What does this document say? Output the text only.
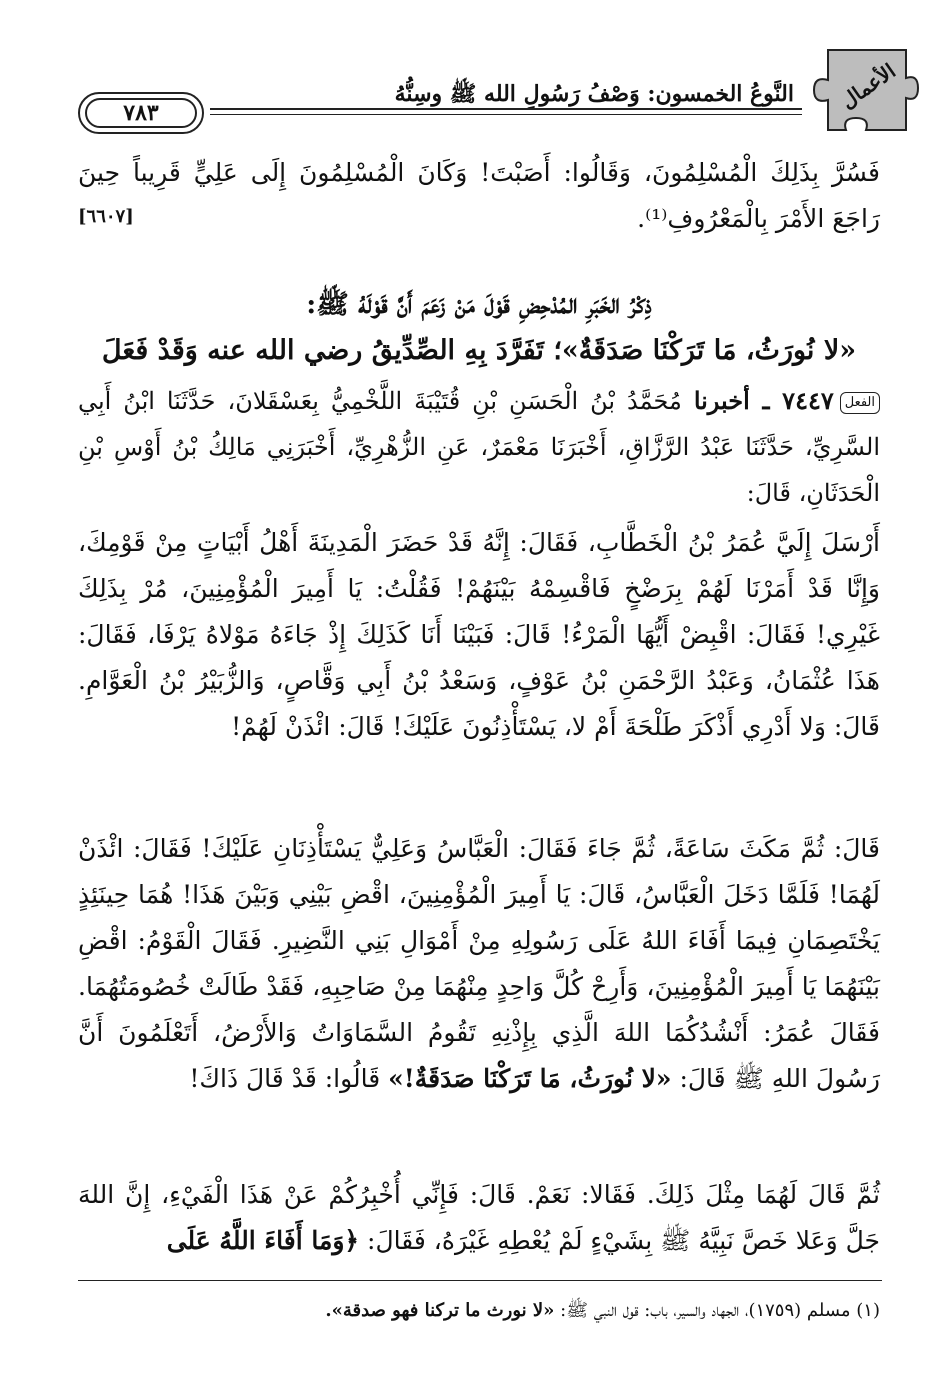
الأعمال
النَّوعُ الخمسون: وَصْفُ رَسُولِ الله ﷺ وسِنُّهُ
٧٨٣
فَسُرَّ بِذَلِكَ الْمُسْلِمُونَ، وَقَالُوا: أَصَبْتَ! وَكَانَ الْمُسْلِمُونَ إِلَى عَلِيٍّ قَرِيباً حِينَ رَاجَعَ الأَمْرَ بِالْمَعْرُوفِ⁽¹⁾.
[٦٦٠٧]
ذِكْرُ الخَبَرِ المُدْحِضِ قَوْلَ مَنْ زَعَمَ أَنَّ قَوْلَهُ ﷺ:
«لا نُورَثُ، مَا تَرَكْنَا صَدَقَةٌ»؛ تَفَرَّدَ بِهِ الصِّدِّيقُ رضي الله عنه وَقَدْ فَعَلَ
الفعل٧٤٤٧ ـ أخبرنا مُحَمَّدُ بْنُ الْحَسَنِ بْنِ قُتَيْبَةَ اللَّخْمِيُّ بِعَسْقَلانَ، حَدَّثَنَا ابْنُ أَبِي السَّرِيِّ، حَدَّثَنَا عَبْدُ الرَّزَّاقِ، أَخْبَرَنَا مَعْمَرٌ، عَنِ الزُّهْرِيِّ، أَخْبَرَنِي مَالِكُ بْنُ أَوْسِ بْنِ الْحَدَثَانِ، قَالَ:
أَرْسَلَ إِلَيَّ عُمَرُ بْنُ الْخَطَّابِ، فَقَالَ: إِنَّهُ قَدْ حَضَرَ الْمَدِينَةَ أَهْلُ أَبْيَاتٍ مِنْ قَوْمِكَ، وَإِنَّا قَدْ أَمَرْنَا لَهُمْ بِرَضْخٍ فَاقْسِمْهُ بَيْنَهُمْ! فَقُلْتُ: يَا أَمِيرَ الْمُؤْمِنِينَ، مُرْ بِذَلِكَ غَيْرِي! فَقَالَ: اقْبِضْ أَيُّهَا الْمَرْءُ! قَالَ: فَبَيْنَا أَنَا كَذَلِكَ إِذْ جَاءَهُ مَوْلاهُ يَرْفَا، فَقَالَ: هَذَا عُثْمَانُ، وَعَبْدُ الرَّحْمَنِ بْنُ عَوْفٍ، وَسَعْدُ بْنُ أَبِي وَقَّاصٍ، وَالزُّبَيْرُ بْنُ الْعَوَّامِ. قَالَ: وَلا أَدْرِي أَذْكَرَ طَلْحَةَ أَمْ لا، يَسْتَأْذِنُونَ عَلَيْكَ! قَالَ: ائْذَنْ لَهُمْ!
قَالَ: ثُمَّ مَكَثَ سَاعَةً، ثُمَّ جَاءَ فَقَالَ: الْعَبَّاسُ وَعَلِيٌّ يَسْتَأْذِنَانِ عَلَيْكَ! فَقَالَ: ائْذَنْ لَهُمَا! فَلَمَّا دَخَلَ الْعَبَّاسُ، قَالَ: يَا أَمِيرَ الْمُؤْمِنِينَ، اقْضِ بَيْنِي وَبَيْنَ هَذَا! هُمَا حِينَئِذٍ يَخْتَصِمَانِ فِيمَا أَفَاءَ اللهُ عَلَى رَسُولِهِ مِنْ أَمْوَالِ بَنِي النَّضِيرِ. فَقَالَ الْقَوْمُ: اقْضِ بَيْنَهُمَا يَا أَمِيرَ الْمُؤْمِنِينَ، وَأَرِحْ كُلَّ وَاحِدٍ مِنْهُمَا مِنْ صَاحِبِهِ، فَقَدْ طَالَتْ خُصُومَتُهُمَا. فَقَالَ عُمَرُ: أَنْشُدُكُمَا اللهَ الَّذِي بِإِذْنِهِ تَقُومُ السَّمَاوَاتُ وَالأَرْضُ، أَتَعْلَمُونَ أَنَّ رَسُولَ اللهِ ﷺ قَالَ: «لا نُورَثُ، مَا تَرَكْنَا صَدَقَةٌ!» قَالُوا: قَدْ قَالَ ذَاكَ!
ثُمَّ قَالَ لَهُمَا مِثْلَ ذَلِكَ. فَقَالا: نَعَمْ. قَالَ: فَإِنِّي أُخْبِرُكُمْ عَنْ هَذَا الْفَيْءِ، إِنَّ اللهَ جَلَّ وَعَلا خَصَّ نَبِيَّهُ ﷺ بِشَيْءٍ لَمْ يُعْطِهِ غَيْرَهُ، فَقَالَ: ﴿وَمَا أَفَاءَ اللَّهُ عَلَى
(١) مسلم (١٧٥٩)، الجهاد والسير، باب: قول النبي ﷺ: «لا نورث ما تركنا فهو صدقة».
